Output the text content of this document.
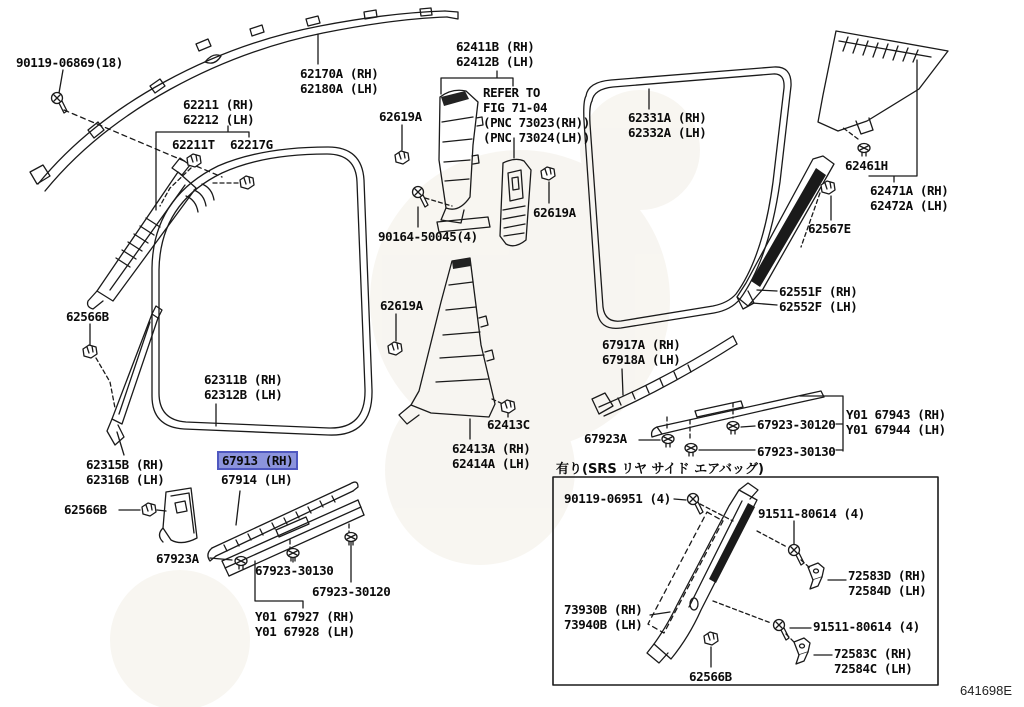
90119-06869(18)
62170A (RH)
62180A (LH)
62211 (RH)
62212 (LH)
62211T 62217G
62566B
62311B (RH)
62312B (LH)
62315B (RH)
62316B (LH)
67913 (RH)
67914 (LH)
62566B
67923A
67923-30130
67923-30120
Y01 67927 (RH)
Y01 67928 (LH)
62619A
62411B (RH)
62412B (LH)
REFER TO
FIG 71-04
(PNC 73023(RH))
(PNC 73024(LH))
90164-50045(4)
62619A
62619A
62413C
62413A (RH)
62414A (LH)
62331A (RH)
62332A (LH)
62461H
62471A (RH)
62472A (LH)
62567E
62551F (RH)
62552F (LH)
67917A (RH)
67918A (LH)
67923A
67923-30120
67923-30130
Y01 67943 (RH)
Y01 67944 (LH)
有り(SRS リヤ サイド エアバッグ)
90119-06951 (4)
91511-80614 (4)
72583D (RH)
72584D (LH)
73930B (RH)
73940B (LH)	91511-80614 (4)
72583C (RH)
72584C (LH)
62566B
641698E
